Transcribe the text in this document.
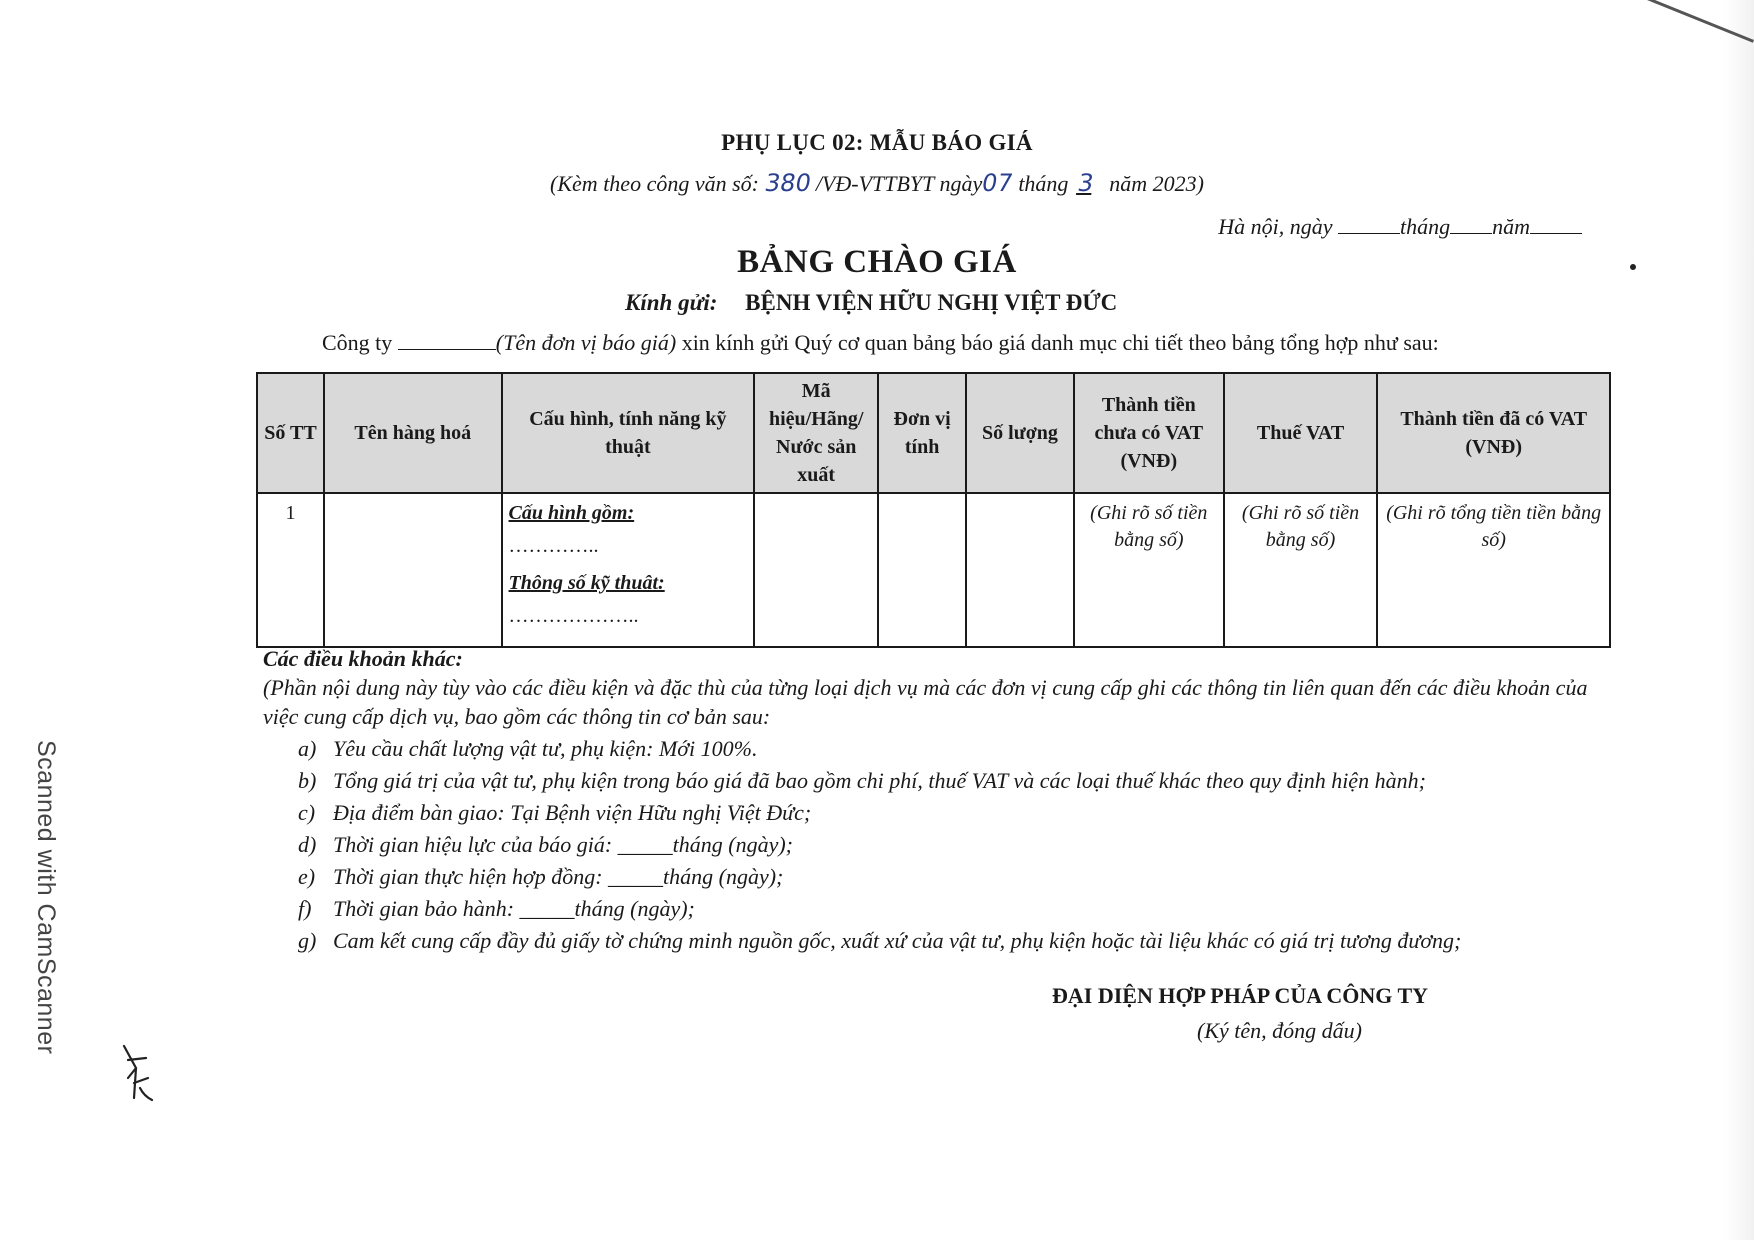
Scanned with CamScanner
PHỤ LỤC 02: MẪU BÁO GIÁ
(Kèm theo công văn số: 380 /VĐ-VTTBYT ngày07 tháng 3 năm 2023)
Hà nội, ngày	tháng năm
BẢNG CHÀO GIÁ
Kính gửi: BỆNH VIỆN HỮU NGHỊ VIỆT ĐỨC
Công ty	(Tên đơn vị báo giá) xin kính gửi Quý cơ quan bảng báo giá danh mục chi tiết theo bảng tổng hợp như sau:
Số TT	Tên hàng hoá	Cấu hình, tính năng kỹ thuật	Mã hiệu/Hãng/ Nước sản xuất	Đơn vị tính	Số lượng	Thành tiền chưa có VAT (VNĐ)	Thuế VAT	Thành tiền đã có VAT (VNĐ)
1		Cấu hình gồm:
…………..
Thông số kỹ thuât:
………………..				(Ghi rõ số tiền bằng số)	(Ghi rõ số tiền bằng số)	(Ghi rõ tổng tiền tiền bằng số)
Các điều khoản khác:
(Phần nội dung này tùy vào các điều kiện và đặc thù của từng loại dịch vụ mà các đơn vị cung cấp ghi các thông tin liên quan đến các điều khoản của việc cung cấp dịch vụ, bao gồm các thông tin cơ bản sau:
a) Yêu cầu chất lượng vật tư, phụ kiện: Mới 100%.
b) Tổng giá trị của vật tư, phụ kiện trong báo giá đã bao gồm chi phí, thuế VAT và các loại thuế khác theo quy định hiện hành;
c) Địa điểm bàn giao: Tại Bệnh viện Hữu nghị Việt Đức;
d) Thời gian hiệu lực của báo giá: _____tháng (ngày);
e) Thời gian thực hiện hợp đồng: _____tháng (ngày);
f) Thời gian bảo hành: _____tháng (ngày);
g) Cam kết cung cấp đầy đủ giấy tờ chứng minh nguồn gốc, xuất xứ của vật tư, phụ kiện hoặc tài liệu khác có giá trị tương đương;
ĐẠI DIỆN HỢP PHÁP CỦA CÔNG TY
(Ký tên, đóng dấu)
